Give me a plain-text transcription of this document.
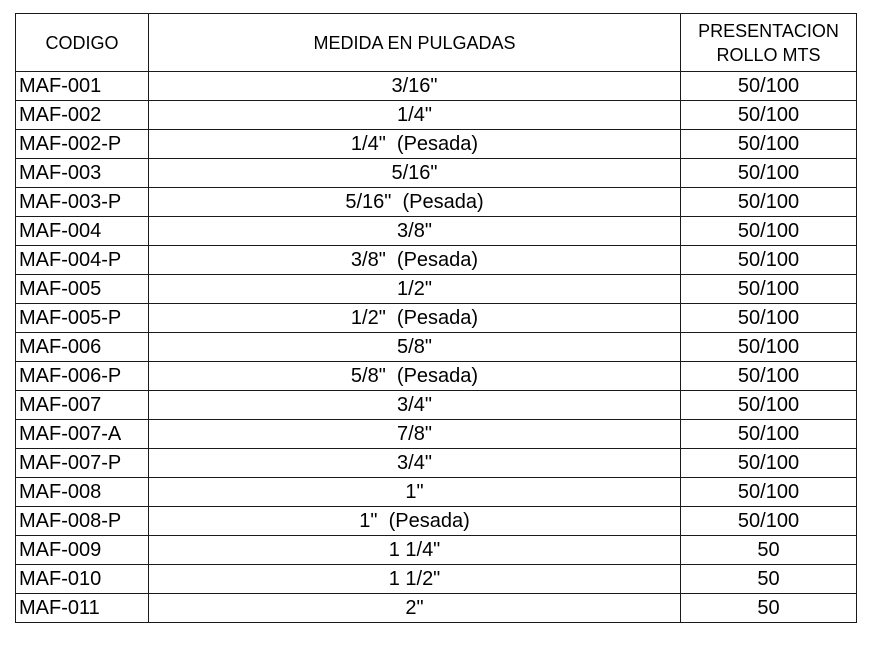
CODIGO	MEDIDA EN PULGADAS	PRESENTACION
ROLLO MTS

MAF-001	3/16"	50/100
MAF-002	1/4"	50/100
MAF-002-P	1/4"  (Pesada)	50/100
MAF-003	5/16"	50/100
MAF-003-P	5/16"  (Pesada)	50/100
MAF-004	3/8"	50/100
MAF-004-P	3/8"  (Pesada)	50/100
MAF-005	1/2"	50/100
MAF-005-P	1/2"  (Pesada)	50/100
MAF-006	5/8"	50/100
MAF-006-P	5/8"  (Pesada)	50/100
MAF-007	3/4"	50/100
MAF-007-A	7/8"	50/100
MAF-007-P	3/4"	50/100
MAF-008	1"	50/100
MAF-008-P	1"  (Pesada)	50/100
MAF-009	1 1/4"	50
MAF-010	1 1/2"	50
MAF-011	2"	50
